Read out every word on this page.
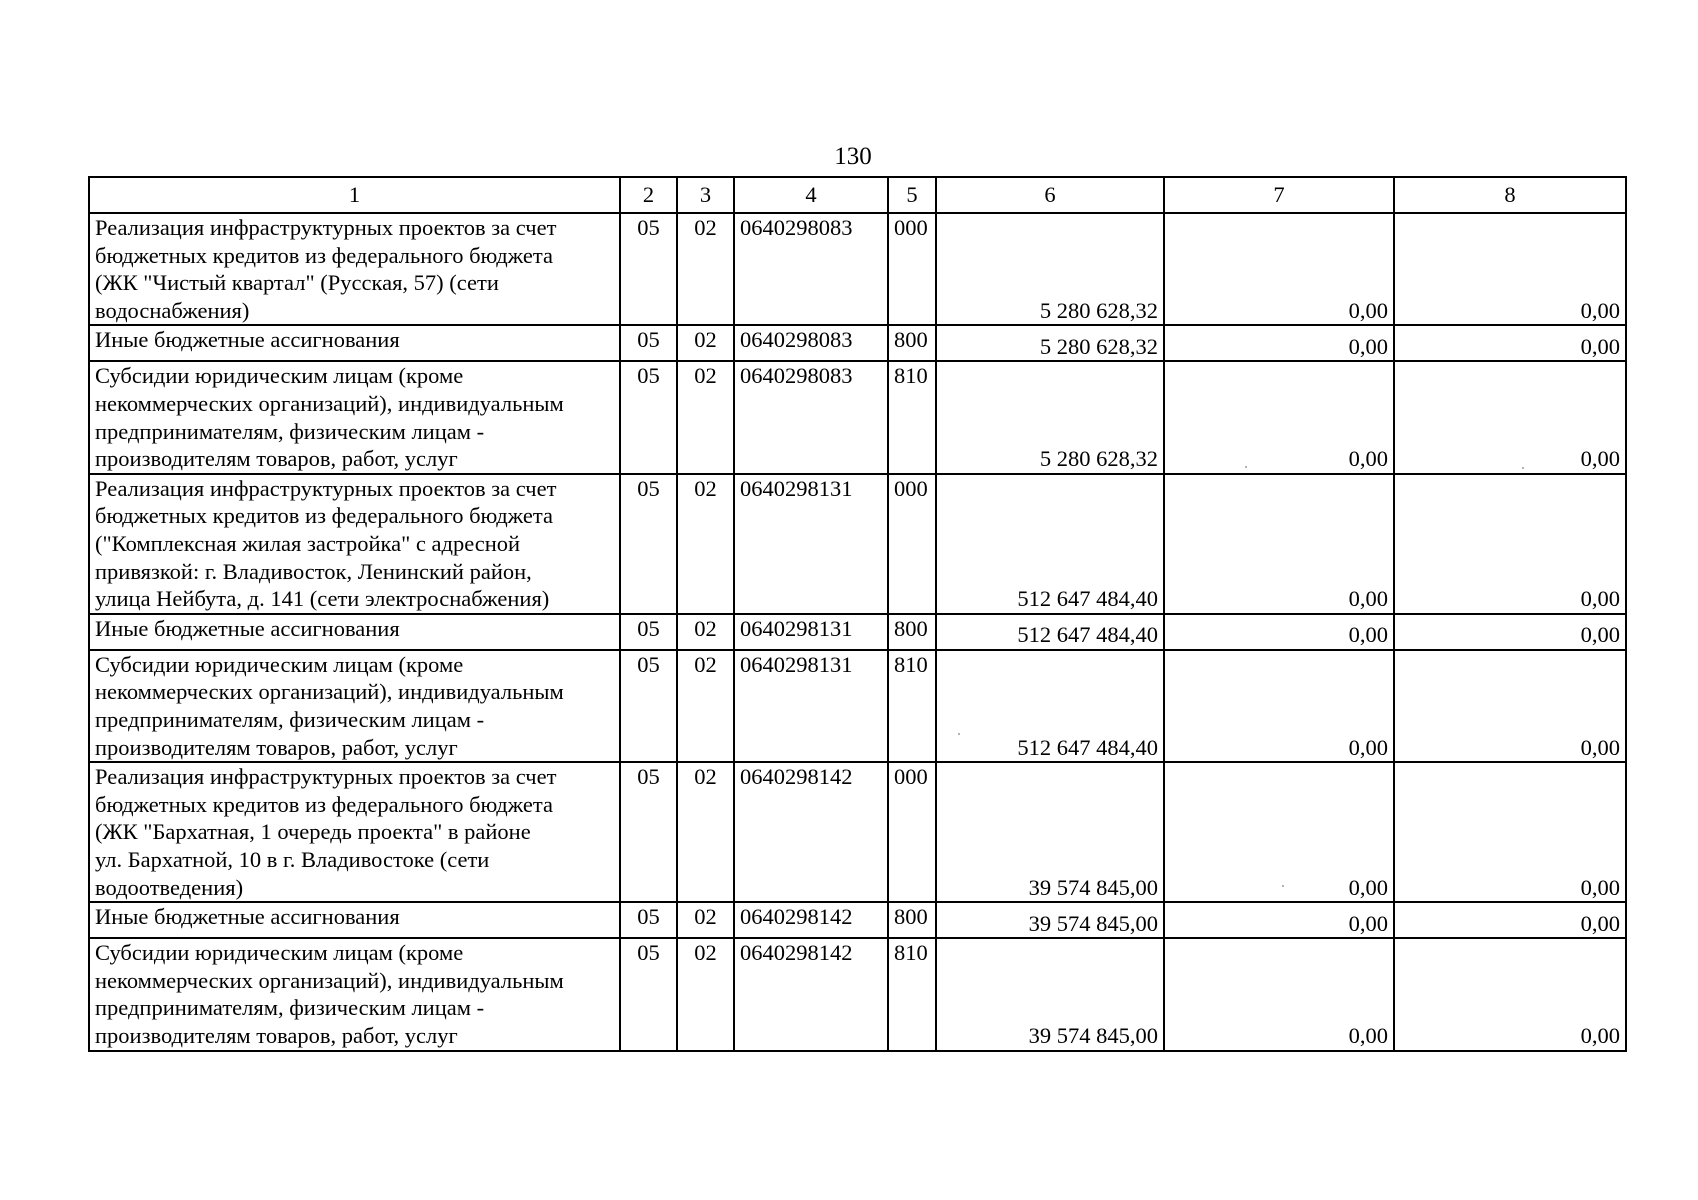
130
1	2	3	4	5	6	7	8
Реализация инфраструктурных проектов за счет
бюджетных кредитов из федерального бюджета
(ЖК "Чистый квартал" (Русская, 57) (сети
водоснабжения)	05	02	0640298083	000	5 280 628,32	0,00	0,00
Иные бюджетные ассигнования	05	02	0640298083	800	5 280 628,32	0,00	0,00
Субсидии юридическим лицам (кроме
некоммерческих организаций), индивидуальным
предпринимателям, физическим лицам -
производителям товаров, работ, услуг	05	02	0640298083	810	5 280 628,32	0,00	0,00
Реализация инфраструктурных проектов за счет
бюджетных кредитов из федерального бюджета
("Комплексная жилая застройка" с адресной
привязкой: г. Владивосток, Ленинский район,
улица Нейбута, д. 141 (сети электроснабжения)	05	02	0640298131	000	512 647 484,40	0,00	0,00
Иные бюджетные ассигнования	05	02	0640298131	800	512 647 484,40	0,00	0,00
Субсидии юридическим лицам (кроме
некоммерческих организаций), индивидуальным
предпринимателям, физическим лицам -
производителям товаров, работ, услуг	05	02	0640298131	810	512 647 484,40	0,00	0,00
Реализация инфраструктурных проектов за счет
бюджетных кредитов из федерального бюджета
(ЖК "Бархатная, 1 очередь проекта" в районе
ул. Бархатной, 10 в г. Владивостоке (сети
водоотведения)	05	02	0640298142	000	39 574 845,00	0,00	0,00
Иные бюджетные ассигнования	05	02	0640298142	800	39 574 845,00	0,00	0,00
Субсидии юридическим лицам (кроме
некоммерческих организаций), индивидуальным
предпринимателям, физическим лицам -
производителям товаров, работ, услуг	05	02	0640298142	810	39 574 845,00	0,00	0,00
